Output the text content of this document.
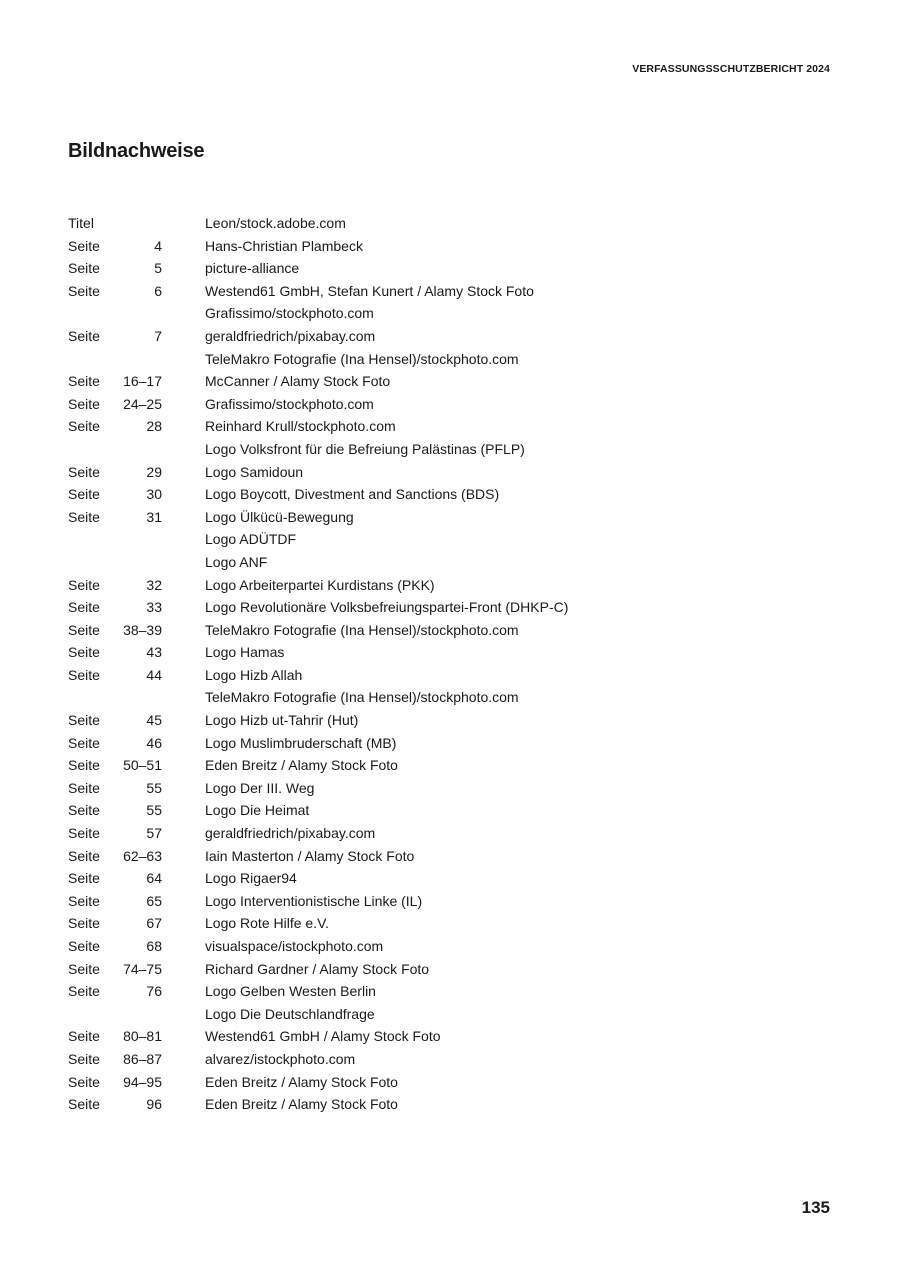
VERFASSUNGSSCHUTZBERICHT 2024
Bildnachweise
Titel	Leon/stock.adobe.com
Seite	4	Hans-Christian Plambeck
Seite	5	picture-alliance
Seite	6	Westend61 GmbH, Stefan Kunert / Alamy Stock Foto
Grafissimo/stockphoto.com
Seite	7	geraldfriedrich/pixabay.com
TeleMakro Fotografie (Ina Hensel)/stockphoto.com
Seite	16–17	McCanner / Alamy Stock Foto
Seite	24–25	Grafissimo/stockphoto.com
Seite	28	Reinhard Krull/stockphoto.com
Logo Volksfront für die Befreiung Palästinas (PFLP)
Seite	29	Logo Samidoun
Seite	30	Logo Boycott, Divestment and Sanctions (BDS)
Seite	31	Logo Ülkücü-Bewegung
Logo ADÜTDF
Logo ANF
Seite	32	Logo Arbeiterpartei Kurdistans (PKK)
Seite	33	Logo Revolutionäre Volksbefreiungspartei-Front (DHKP-C)
Seite	38–39	TeleMakro Fotografie (Ina Hensel)/stockphoto.com
Seite	43	Logo Hamas
Seite	44	Logo Hizb Allah
TeleMakro Fotografie (Ina Hensel)/stockphoto.com
Seite	45	Logo Hizb ut-Tahrir (Hut)
Seite	46	Logo Muslimbruderschaft (MB)
Seite	50–51	Eden Breitz / Alamy Stock Foto
Seite	55	Logo Der III. Weg
Seite	55	Logo Die Heimat
Seite	57	geraldfriedrich/pixabay.com
Seite	62–63	Iain Masterton / Alamy Stock Foto
Seite	64	Logo Rigaer94
Seite	65	Logo Interventionistische Linke (IL)
Seite	67	Logo Rote Hilfe e.V.
Seite	68	visualspace/istockphoto.com
Seite	74–75	Richard Gardner / Alamy Stock Foto
Seite	76	Logo Gelben Westen Berlin
Logo Die Deutschlandfrage
Seite	80–81	Westend61 GmbH / Alamy Stock Foto
Seite	86–87	alvarez/istockphoto.com
Seite	94–95	Eden Breitz / Alamy Stock Foto
Seite	96	Eden Breitz / Alamy Stock Foto
135
